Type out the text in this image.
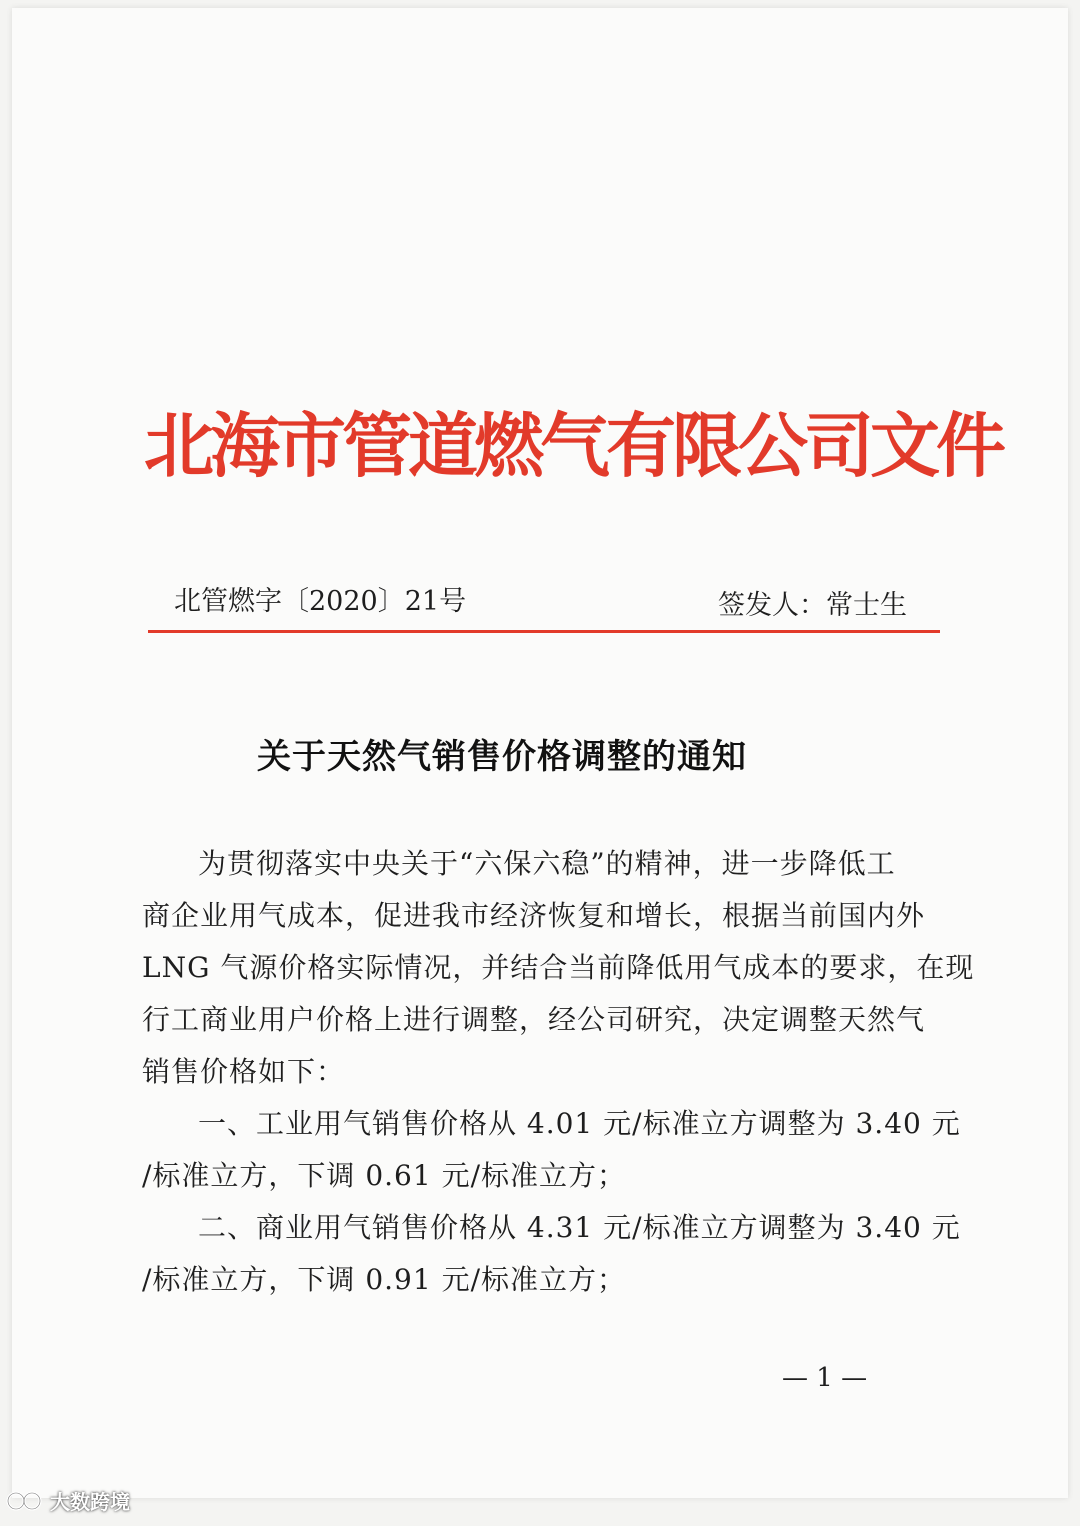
北海市管道燃气有限公司文件
北管燃字〔2020〕21号	签发人：常士生
关于天然气销售价格调整的通知
为贯彻落实中央关于“六保六稳”的精神，进一步降低工
商企业用气成本，促进我市经济恢复和增长，根据当前国内外
LNG 气源价格实际情况，并结合当前降低用气成本的要求，在现
行工商业用户价格上进行调整，经公司研究，决定调整天然气
销售价格如下：
一、工业用气销售价格从 4.01 元/标准立方调整为 3.40 元
/标准立方，下调 0.61 元/标准立方；
二、商业用气销售价格从 4.31 元/标准立方调整为 3.40 元
/标准立方，下调 0.91 元/标准立方；
— 1 —
大数跨境
